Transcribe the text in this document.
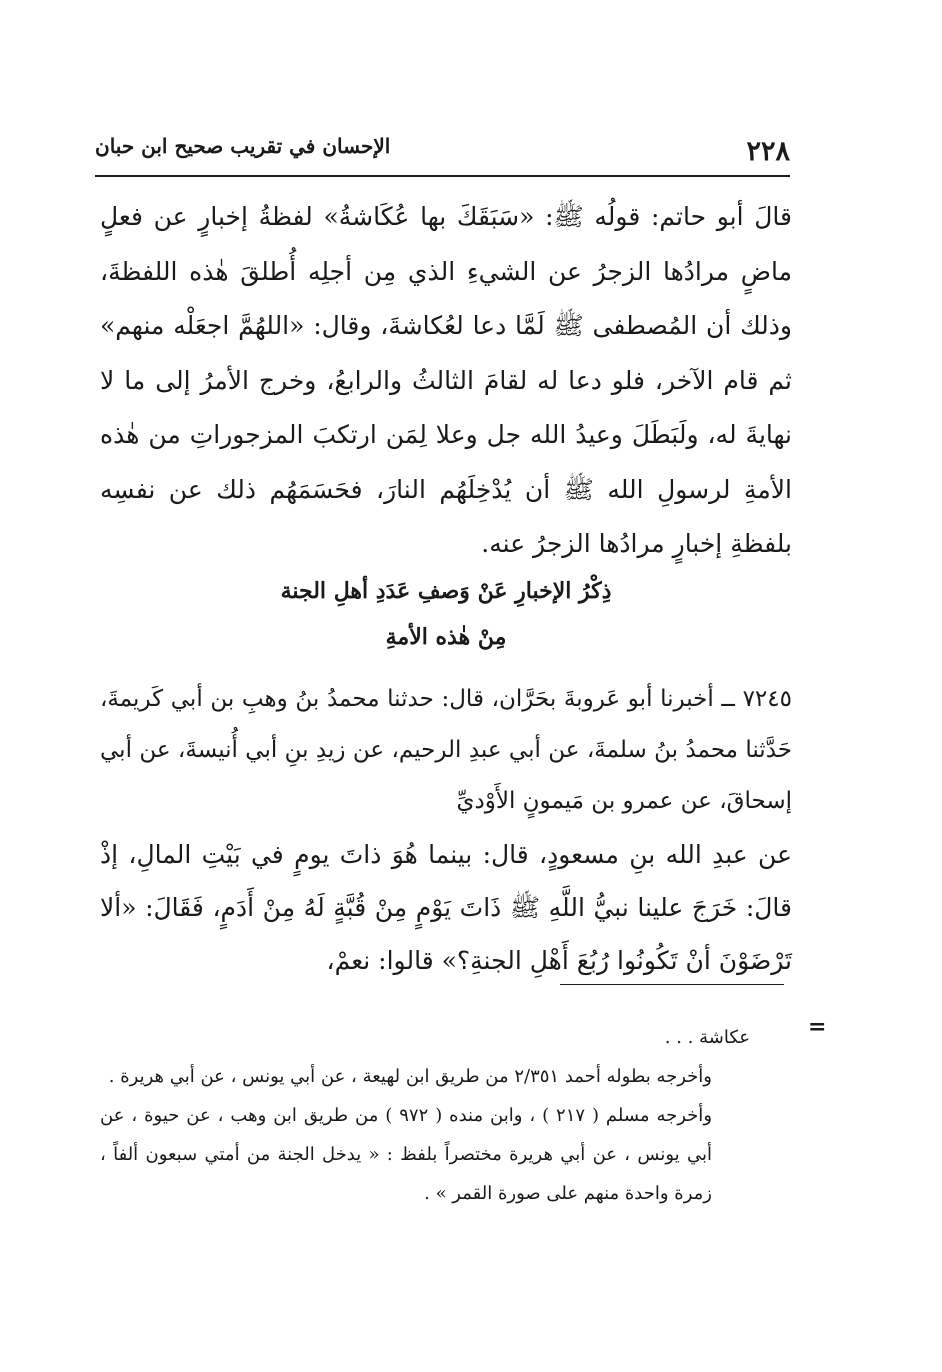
٢٢٨
الإحسان في تقريب صحيح ابن حبان

قالَ أبو حاتم: قولُه ﷺ: «سَبَقَكَ بها عُكَاشةُ» لفظةُ إخبارٍ عن فعلٍ ماضٍ مرادُها الزجرُ عن الشيءِ الذي مِن أجلِه أُطلقَ هٰذه اللفظةَ، وذلك أن المُصطفى ﷺ لَمَّا دعا لعُكاشةَ، وقال: «اللهُمَّ اجعَلْه منهم» ثم قام الآخر، فلو دعا له لقامَ الثالثُ والرابعُ، وخرج الأمرُ إلى ما لا نهايةَ له، ولَبَطَلَ وعيدُ الله جل وعلا لِمَن ارتكبَ المزجوراتِ من هٰذه الأمةِ لرسولِ الله ﷺ أن يُدْخِلَهُم النارَ، فحَسَمَهُم ذلك عن نفسِه بلفظةِ إخبارٍ مرادُها الزجرُ عنه.

ذِكْرُ الإخبارِ عَنْ وَصفِ عَدَدِ أهلِ الجنة
مِنْ هٰذه الأمةِ

٧٢٤٥ ــ أخبرنا أبو عَروبةَ بحَرَّان، قال: حدثنا محمدُ بنُ وهبِ بن أبي كَريمةَ، حَدَّثنا محمدُ بنُ سلمةَ، عن أبي عبدِ الرحيم، عن زيدِ بنِ أبي أُنيسةَ، عن أبي إسحاقَ، عن عمرو بن مَيمونٍ الأَوْديِّ

عن عبدِ الله بنِ مسعودٍ، قال: بينما هُوَ ذاتَ يومٍ في بَيْتِ المالِ، إذْ قالَ: خَرَجَ علينا نبيُّ اللَّهِ ﷺ ذَاتَ يَوْمٍ مِنْ قُبَّةٍ لَهُ مِنْ أَدَمٍ، فَقَالَ: «ألا تَرْضَوْنَ أنْ تَكُونُوا رُبُعَ أَهْلِ الجنةِ؟» قالوا: نعمْ،

=

عكاشة . . .

وأخرجه بطوله أحمد ٢/٣٥١ من طريق ابن لهيعة ، عن أبي يونس ، عن أبي هريرة .

وأخرجه مسلم ( ٢١٧ ) ، وابن منده ( ٩٧٢ ) من طريق ابن وهب ، عن حيوة ، عن أبي يونس ، عن أبي هريرة مختصراً بلفظ : « يدخل الجنة من أمتي سبعون ألفاً ، زمرة واحدة منهم على صورة القمر » .
